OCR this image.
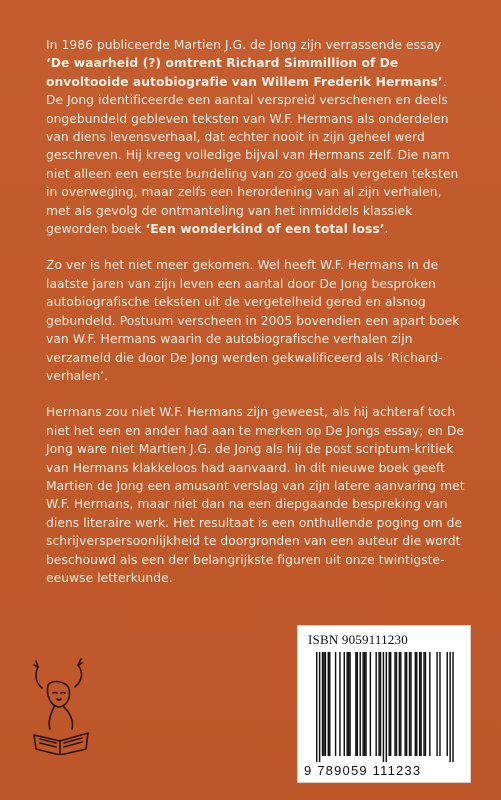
In 1986 publiceerde Martien J.G. de Jong zijn verrassende essay ‘De waarheid (?) omtrent Richard Simmillion of De onvoltooide autobiografie van Willem Frederik Hermans’. De Jong identificeerde een aantal verspreid verschenen en deels ongebundeld gebleven teksten van W.F. Hermans als onderdelen van diens levensverhaal, dat echter nooit in zijn geheel werd geschreven. Hij kreeg volledige bijval van Hermans zelf. Die nam niet alleen een eerste bundeling van zo goed als vergeten teksten in overweging, maar zelfs een herordening van al zijn verhalen, met als gevolg de ontmanteling van het inmiddels klassiek geworden boek ‘Een wonderkind of een total loss’.

Zo ver is het niet meer gekomen. Wel heeft W.F. Hermans in de laatste jaren van zijn leven een aantal door De Jong besproken autobiografische teksten uit de vergetelheid gered en alsnog gebundeld. Postuum verscheen in 2005 bovendien een apart boek van W.F. Hermans waarin de autobiografische verhalen zijn verzameld die door De Jong werden gekwalificeerd als ‘Richard-verhalen’.

Hermans zou niet W.F. Hermans zijn geweest, als hij achteraf toch niet het een en ander had aan te merken op De Jongs essay; en De Jong ware niet Martien J.G. de Jong als hij de post scriptum-kritiek van Hermans klakkeloos had aanvaard. In dit nieuwe boek geeft Martien de Jong een amusant verslag van zijn latere aanvaring met W.F. Hermans, maar niet dan na een diepgaande bespreking van diens literaire werk. Het resultaat is een onthullende poging om de schrijverspersoonlijkheid te doorgronden van een auteur die wordt beschouwd als een der belangrijkste figuren uit onze twintigste-eeuwse letterkunde.

ISBN 9059111230
9 789059 111233
